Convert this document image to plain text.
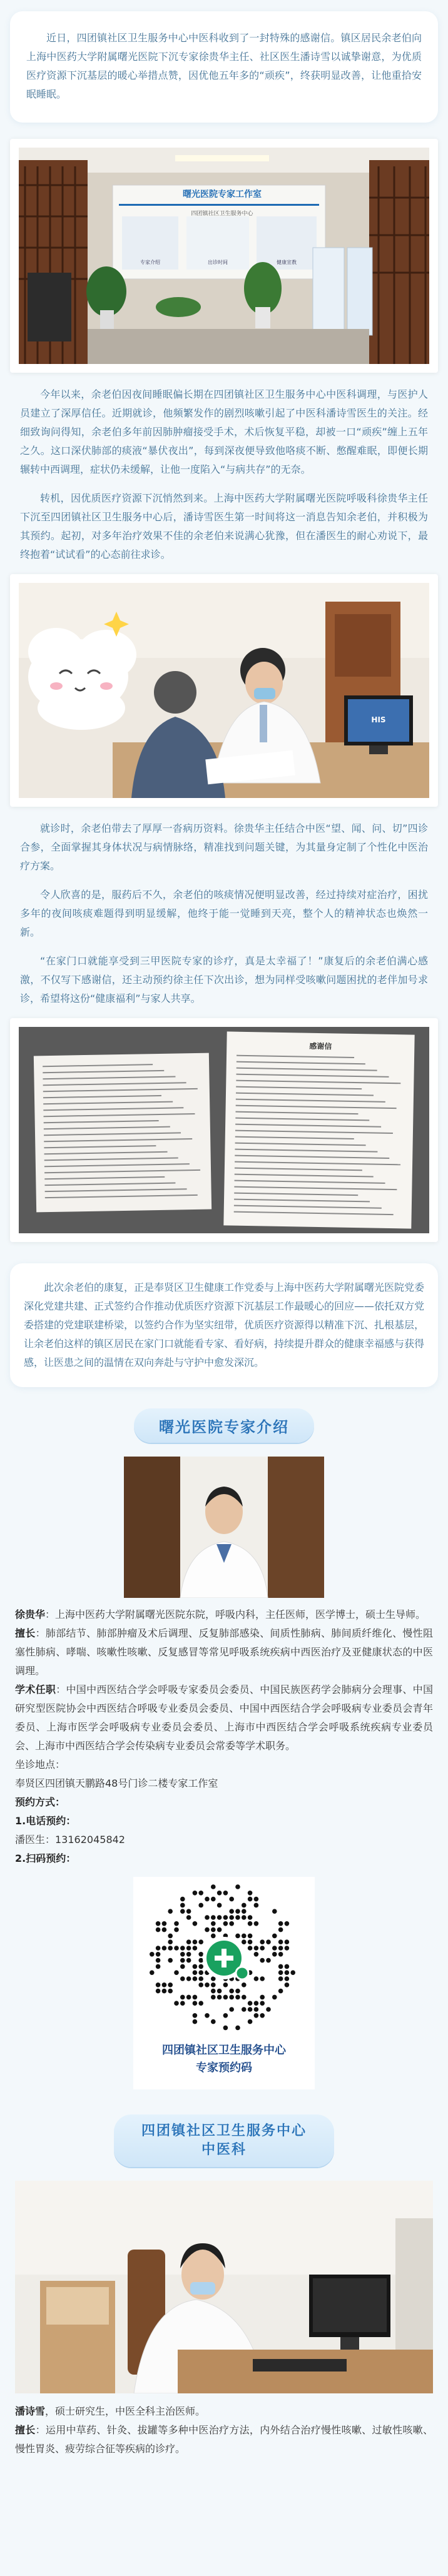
近日，四团镇社区卫生服务中心中医科收到了一封特殊的感谢信。镇区居民余老伯向上海中医药大学附属曙光医院下沉专家徐贵华主任、社区医生潘诗雪以诚挚谢意，为优质医疗资源下沉基层的暖心举措点赞，因优他五年多的“顽疾”，终获明显改善，让他重拾安眠睡眠。

曙光医院专家工作室
四团镇社区卫生服务中心
专家介绍	出诊时间	健康宣教

今年以来，余老伯因夜间睡眠偏长期在四团镇社区卫生服务中心中医科调理，与医护人员建立了深厚信任。近期就诊，他频繁发作的剧烈咳嗽引起了中医科潘诗雪医生的关注。经细致询问得知，余老伯多年前因肺肿瘤接受手术，术后恢复平稳，却被一口“顽疾”缠上五年之久。这口深伏肺部的痰液“暴伏夜出”，每到深夜便导致他咯痰不断、憋醒难眠，即便长期辗转中西调理，症状仍未缓解，让他一度陷入“与病共存”的无奈。

转机，因优质医疗资源下沉悄然到来。上海中医药大学附属曙光医院呼吸科徐贵华主任下沉至四团镇社区卫生服务中心后，潘诗雪医生第一时间将这一消息告知余老伯，并积极为其预约。起初，对多年治疗效果不佳的余老伯来说满心犹豫，但在潘医生的耐心劝说下，最终抱着“试试看”的心态前往求诊。

HIS

就诊时，余老伯带去了厚厚一沓病历资料。徐贵华主任结合中医“望、闻、问、切”四诊合参，全面掌握其身体状况与病情脉络，精准找到问题关键，为其量身定制了个性化中医治疗方案。

令人欣喜的是，服药后不久，余老伯的咳痰情况便明显改善，经过持续对症治疗，困扰多年的夜间咳痰难题得到明显缓解，他终于能一觉睡到天亮，整个人的精神状态也焕然一新。

“在家门口就能享受到三甲医院专家的诊疗，真是太幸福了！”康复后的余老伯满心感激，不仅写下感谢信，还主动预约徐主任下次出诊，想为同样受咳嗽问题困扰的老伴加号求诊，希望将这份“健康福利”与家人共享。

感谢信

此次余老伯的康复，正是奉贤区卫生健康工作党委与上海中医药大学附属曙光医院党委深化党建共建、正式签约合作推动优质医疗资源下沉基层工作最暖心的回应——依托双方党委搭建的党建联建桥梁，以签约合作为坚实纽带，优质医疗资源得以精准下沉、扎根基层，让余老伯这样的镇区居民在家门口就能看专家、看好病，持续提升群众的健康幸福感与获得感，让医患之间的温情在双向奔赴与守护中愈发深沉。

曙光医院专家介绍

徐贵华：上海中医药大学附属曙光医院东院，呼吸内科，主任医师，医学博士，硕士生导师。

擅长：肺部结节、肺部肿瘤及术后调理、反复肺部感染、间质性肺病、肺间质纤维化、慢性阻塞性肺病、哮喘、咳嗽性咳嗽、反复感冒等常见呼吸系统疾病中西医治疗及亚健康状态的中医调理。

学术任职：中国中西医结合学会呼吸专家委员会委员、中国民族医药学会肺病分会理事、中国研究型医院协会中西医结合呼吸专业委员会委员、中国中西医结合学会呼吸病专业委员会青年委员、上海市医学会呼吸病专业委员会委员、上海市中西医结合学会呼吸系统疾病专业委员会、上海市中西医结合学会传染病专业委员会常委等学术职务。

坐诊地点：

奉贤区四团镇天鹏路48号门诊二楼专家工作室

预约方式：

1.电话预约：

潘医生：13162045842

2.扫码预约：

四团镇社区卫生服务中心
专家预约码
四团镇社区卫生服务中心
中医科

潘诗雪，硕士研究生，中医全科主治医师。

擅长：运用中草药、针灸、拔罐等多种中医治疗方法，内外结合治疗慢性咳嗽、过敏性咳嗽、慢性胃炎、疲劳综合征等疾病的诊疗。
